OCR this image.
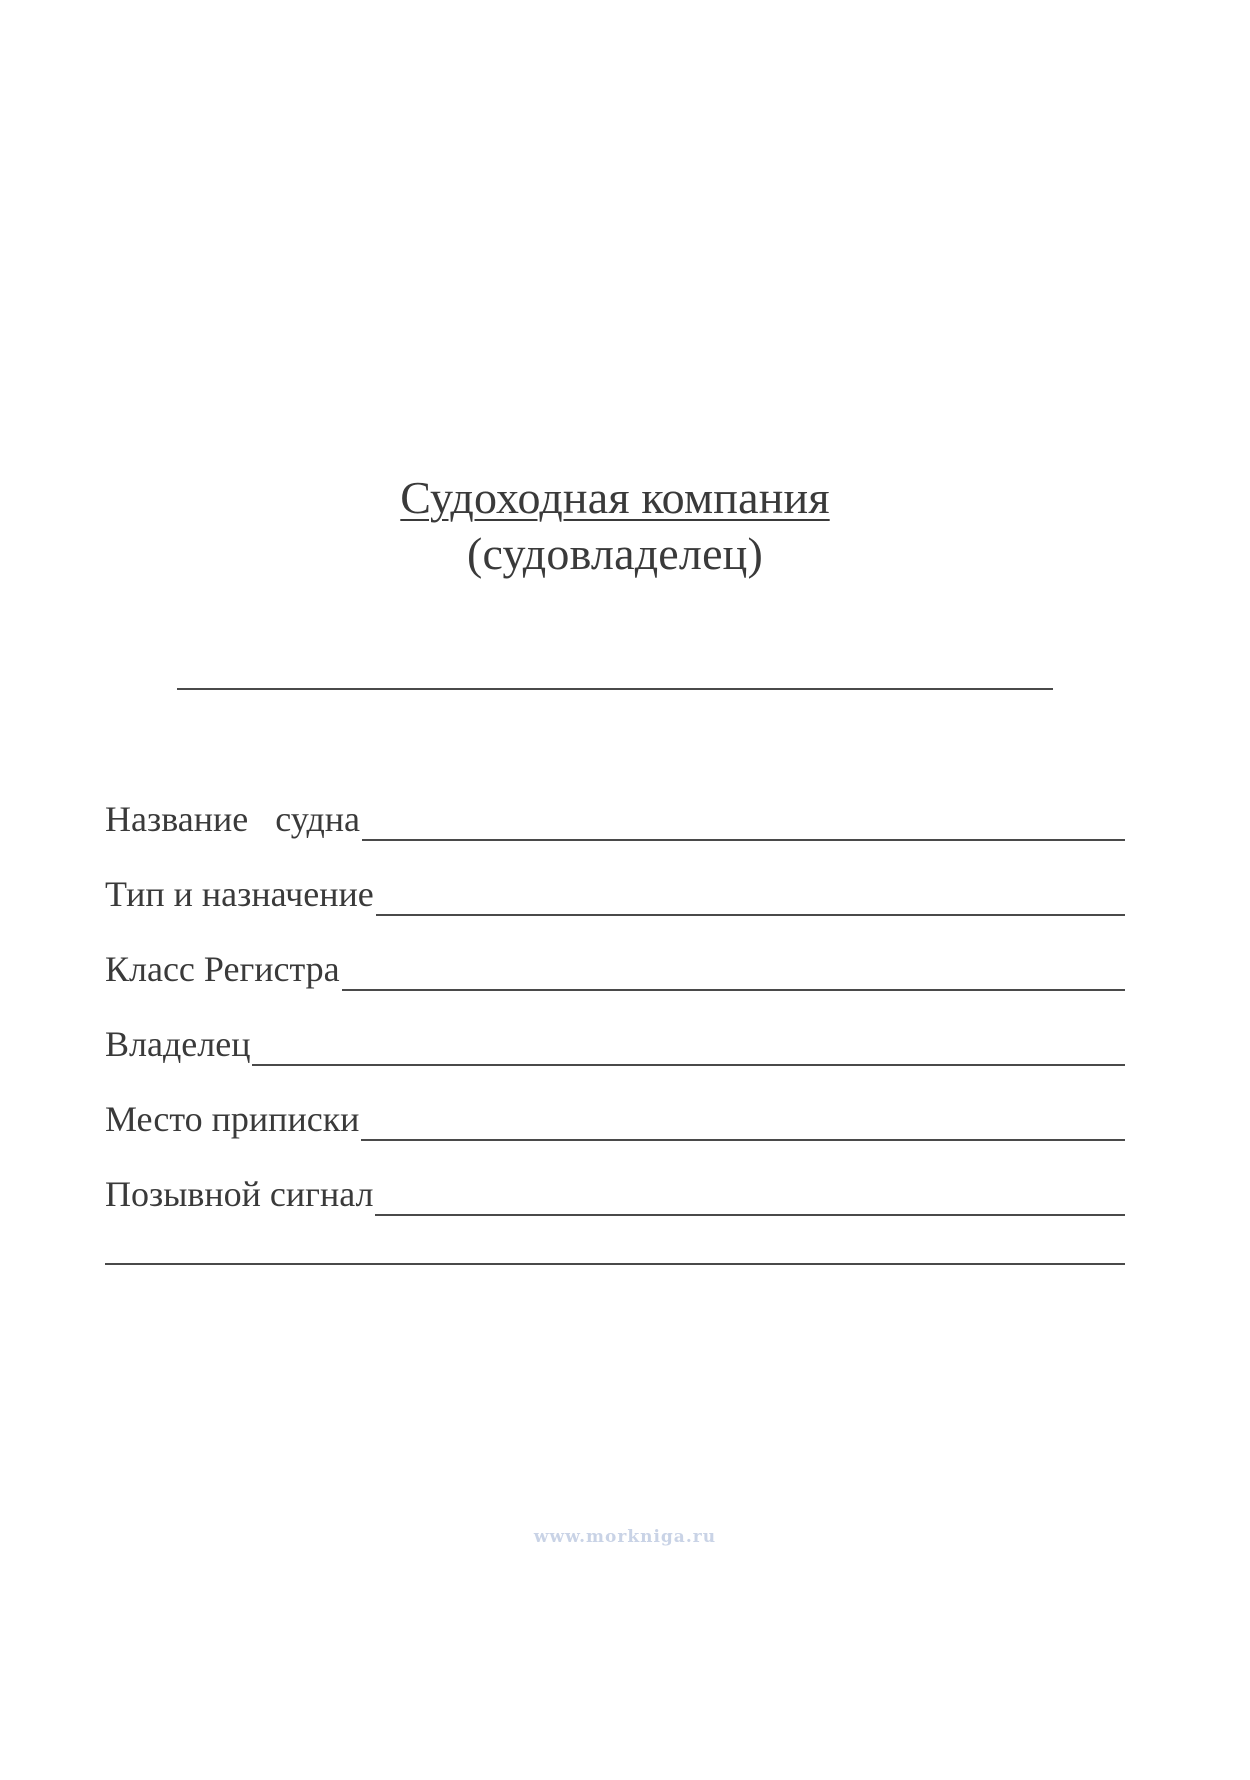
Судоходная компания
(судовладелец)
Название   судна
Тип и назначение
Класс Регистра
Владелец
Место приписки
Позывной сигнал
www.morkniga.ru
